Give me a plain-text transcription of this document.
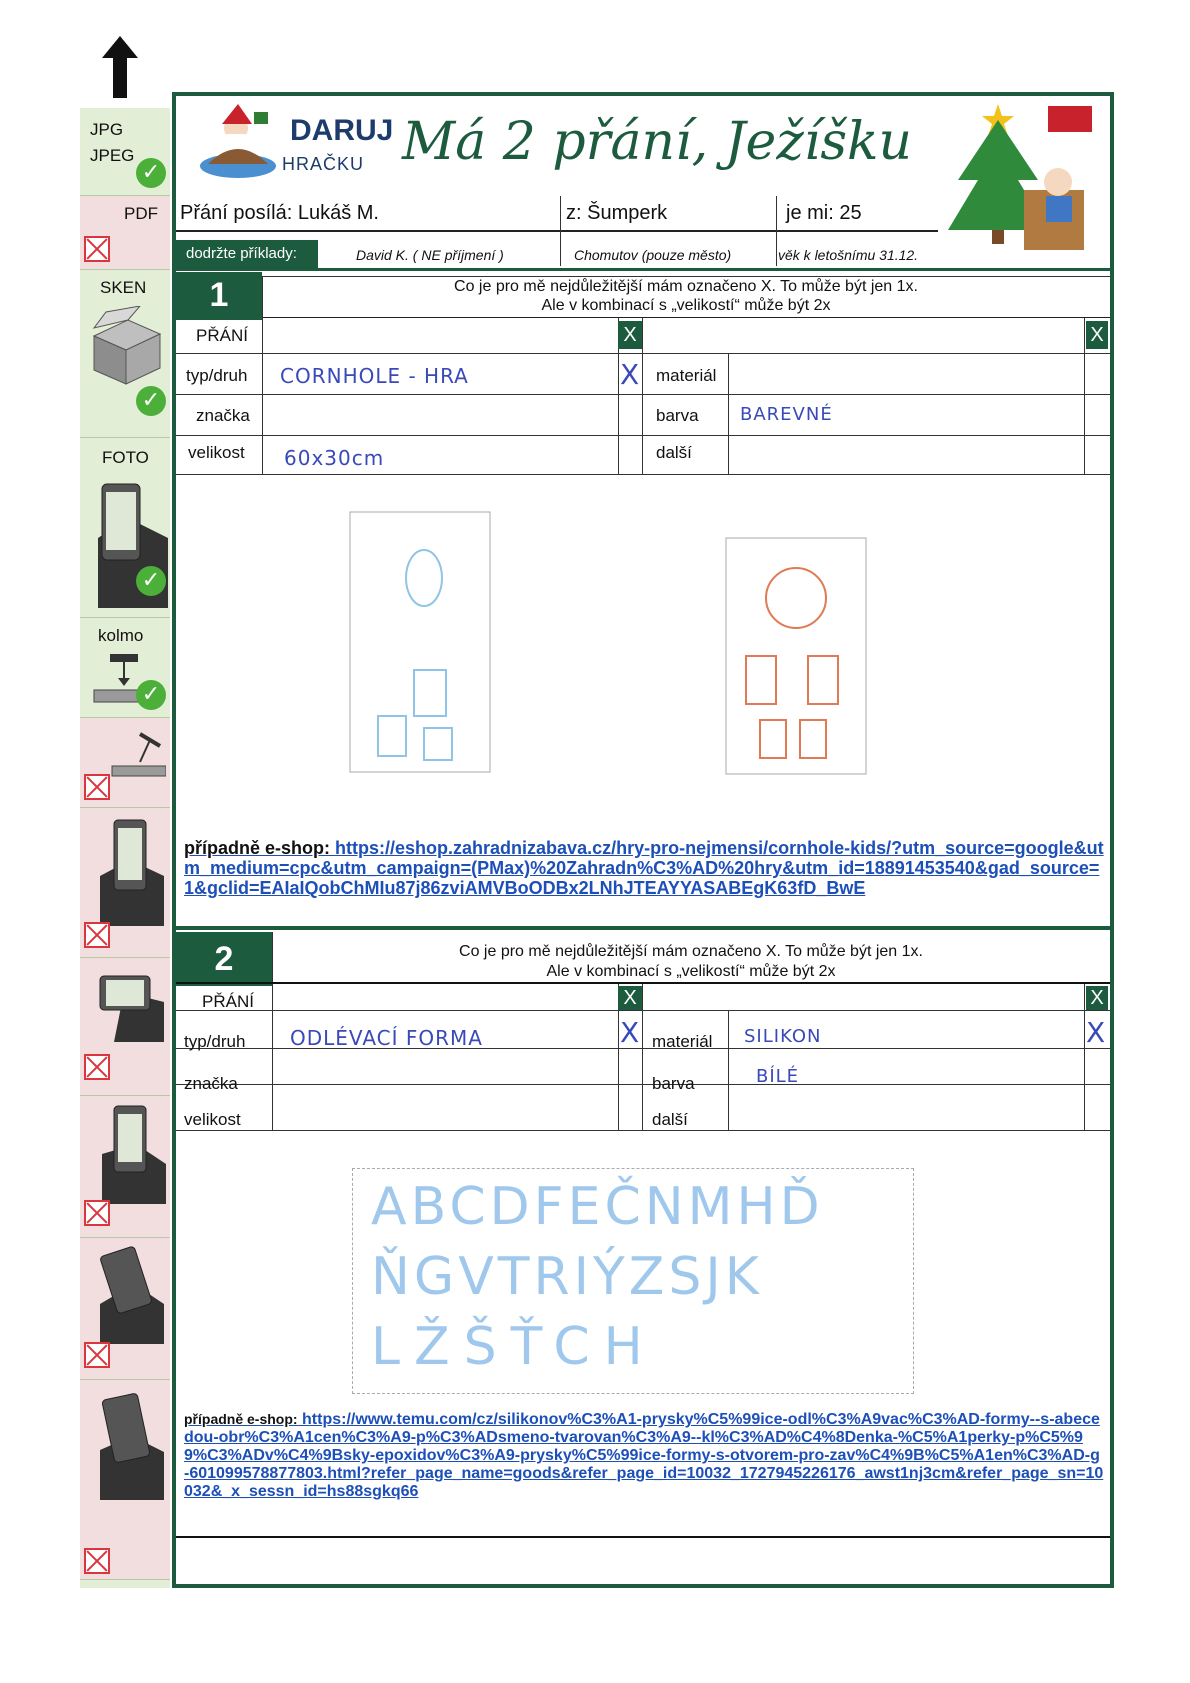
JPG
JPEG
✓
PDF
SKEN
✓
FOTO
✓
kolmo
✓
DARUJ
HRAČKU Má 2 přání, Ježíšku
Přání posílá: Lukáš M.	z: Šumperk	je mi: 25
dodržte příklady:	David K. ( NE příjmení )	Chomutov (pouze město)	věk k letošnímu 31.12.
1	Co je pro mě nejdůležitější mám označeno X. To může být jen 1x.
Ale v kombinací s „velikostí“ může být 2x
PŘÁNÍ	X	X
typ/druh CORNHOLE - HRA	X materiál
značka	barva BAREVNÉ
velikost 60x30cm	další
případně e-shop: https://eshop.zahradnizabava.cz/hry-pro-nejmensi/cornhole-kids/?utm_source=google&utm_medium=cpc&utm_campaign=(PMax)%20Zahradn%C3%AD%20hry&utm_id=18891453540&gad_source=1&gclid=EAIaIQobChMIu87j86zviAMVBoODBx2LNhJTEAYYASABEgK63fD_BwE
2	Co je pro mě nejdůležitější mám označeno X. To může být jen 1x.
Ale v kombinací s „velikostí“ může být 2x
PŘÁNÍ	X	X
typ/druh ODLÉVACÍ FORMA	X materiál SILIKON	X
značka	barva	BÍLÉ
velikost	další
ABCDFEČNMHĎ
ŇGVTRIÝZSJK
LŽŠŤCH
případně e-shop: https://www.temu.com/cz/silikonov%C3%A1-prysky%C5%99ice-odl%C3%A9vac%C3%AD-formy--s-abecedou-obr%C3%A1cen%C3%A9-p%C3%ADsmeno-tvarovan%C3%A9--kl%C3%AD%C4%8Denka-%C5%A1perky-p%C5%99%C3%ADv%C4%9Bsky-epoxidov%C3%A9-prysky%C5%99ice-formy-s-otvorem-pro-zav%C4%9B%C5%A1en%C3%AD-g-601099578877803.html?refer_page_name=goods&refer_page_id=10032_1727945226176_awst1nj3cm&refer_page_sn=10032&_x_sessn_id=hs88sgkq66
